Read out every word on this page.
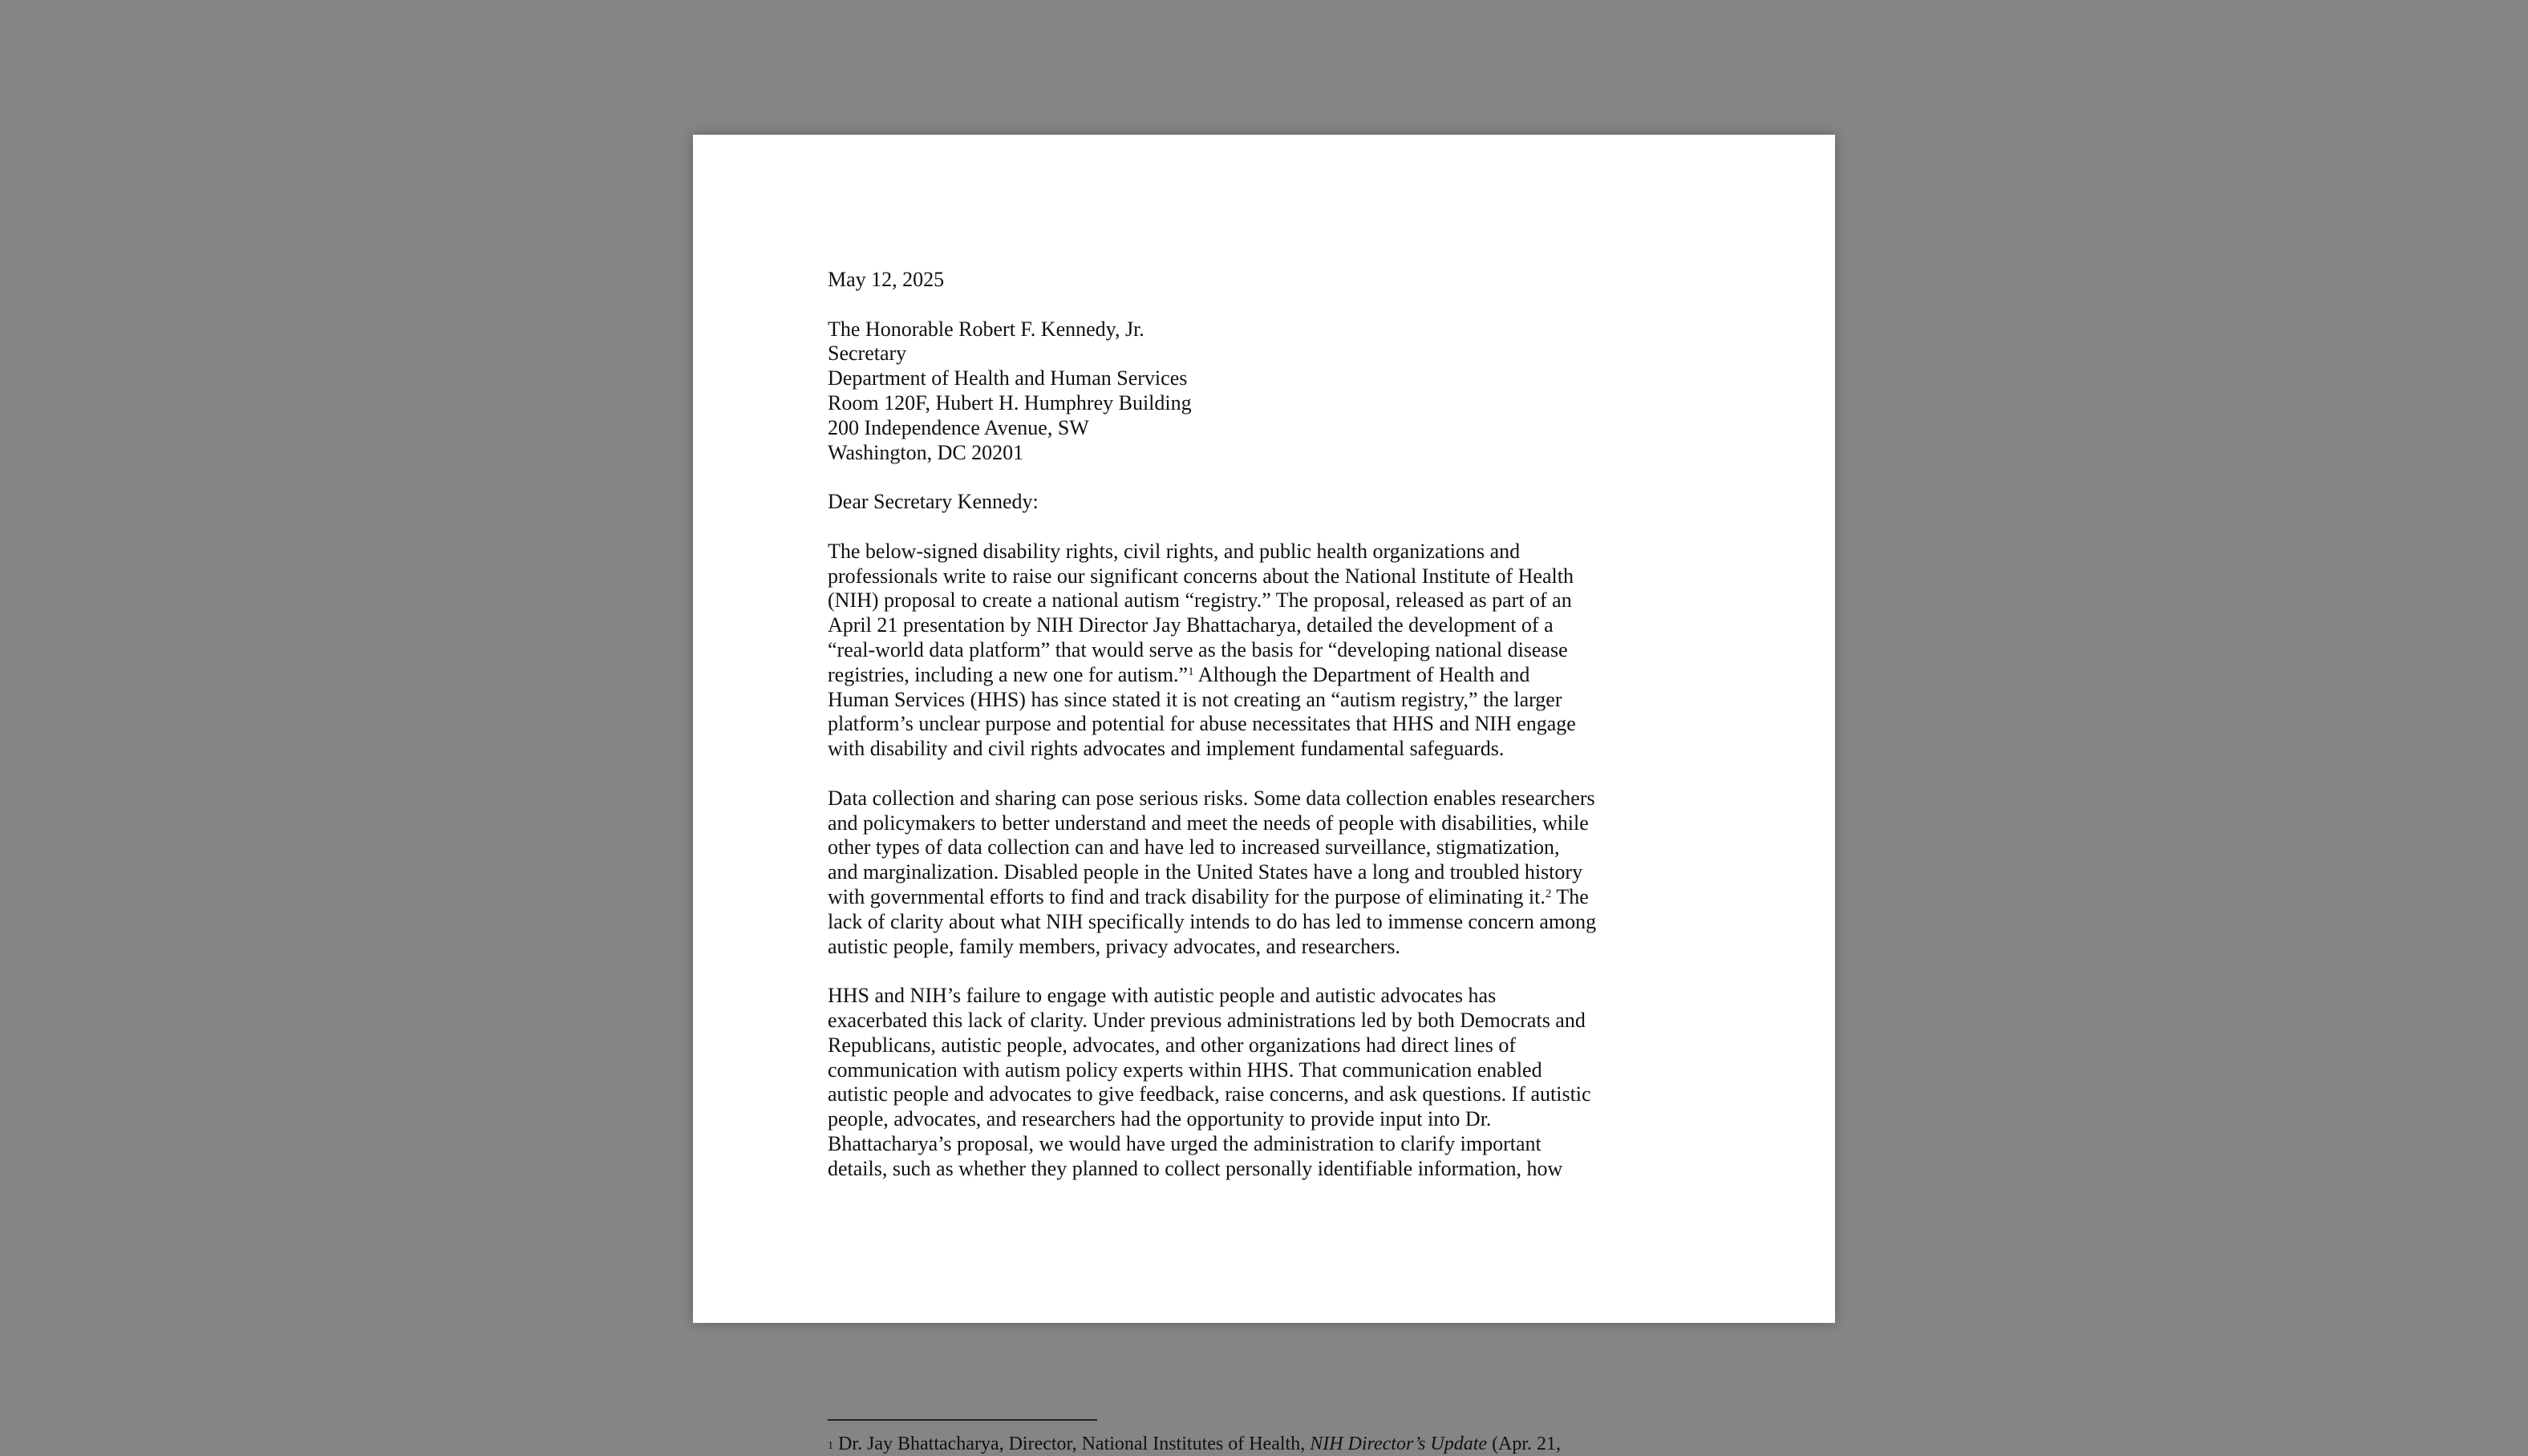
May 12, 2025

The Honorable Robert F. Kennedy, Jr.
Secretary
Department of Health and Human Services
Room 120F, Hubert H. Humphrey Building
200 Independence Avenue, SW
Washington, DC 20201

Dear Secretary Kennedy:

The below-signed disability rights, civil rights, and public health organizations and
professionals write to raise our significant concerns about the National Institute of Health
(NIH) proposal to create a national autism “registry.” The proposal, released as part of an
April 21 presentation by NIH Director Jay Bhattacharya, detailed the development of a
“real-world data platform” that would serve as the basis for “developing national disease
registries, including a new one for autism.”$^1$ Although the Department of Health and
Human Services (HHS) has since stated it is not creating an “autism registry,” the larger
platform’s unclear purpose and potential for abuse necessitates that HHS and NIH engage
with disability and civil rights advocates and implement fundamental safeguards.

Data collection and sharing can pose serious risks. Some data collection enables researchers
and policymakers to better understand and meet the needs of people with disabilities, while
other types of data collection can and have led to increased surveillance, stigmatization,
and marginalization. Disabled people in the United States have a long and troubled history
with governmental efforts to find and track disability for the purpose of eliminating it.$^2$ The
lack of clarity about what NIH specifically intends to do has led to immense concern among
autistic people, family members, privacy advocates, and researchers.

HHS and NIH’s failure to engage with autistic people and autistic advocates has
exacerbated this lack of clarity. Under previous administrations led by both Democrats and
Republicans, autistic people, advocates, and other organizations had direct lines of
communication with autism policy experts within HHS. That communication enabled
autistic people and advocates to give feedback, raise concerns, and ask questions. If autistic
people, advocates, and researchers had the opportunity to provide input into Dr.
Bhattacharya’s proposal, we would have urged the administration to clarify important
details, such as whether they planned to collect personally identifiable information, how

$^1$ Dr. Jay Bhattacharya, Director, National Institutes of Health, NIH Director’s Update (Apr. 21,
